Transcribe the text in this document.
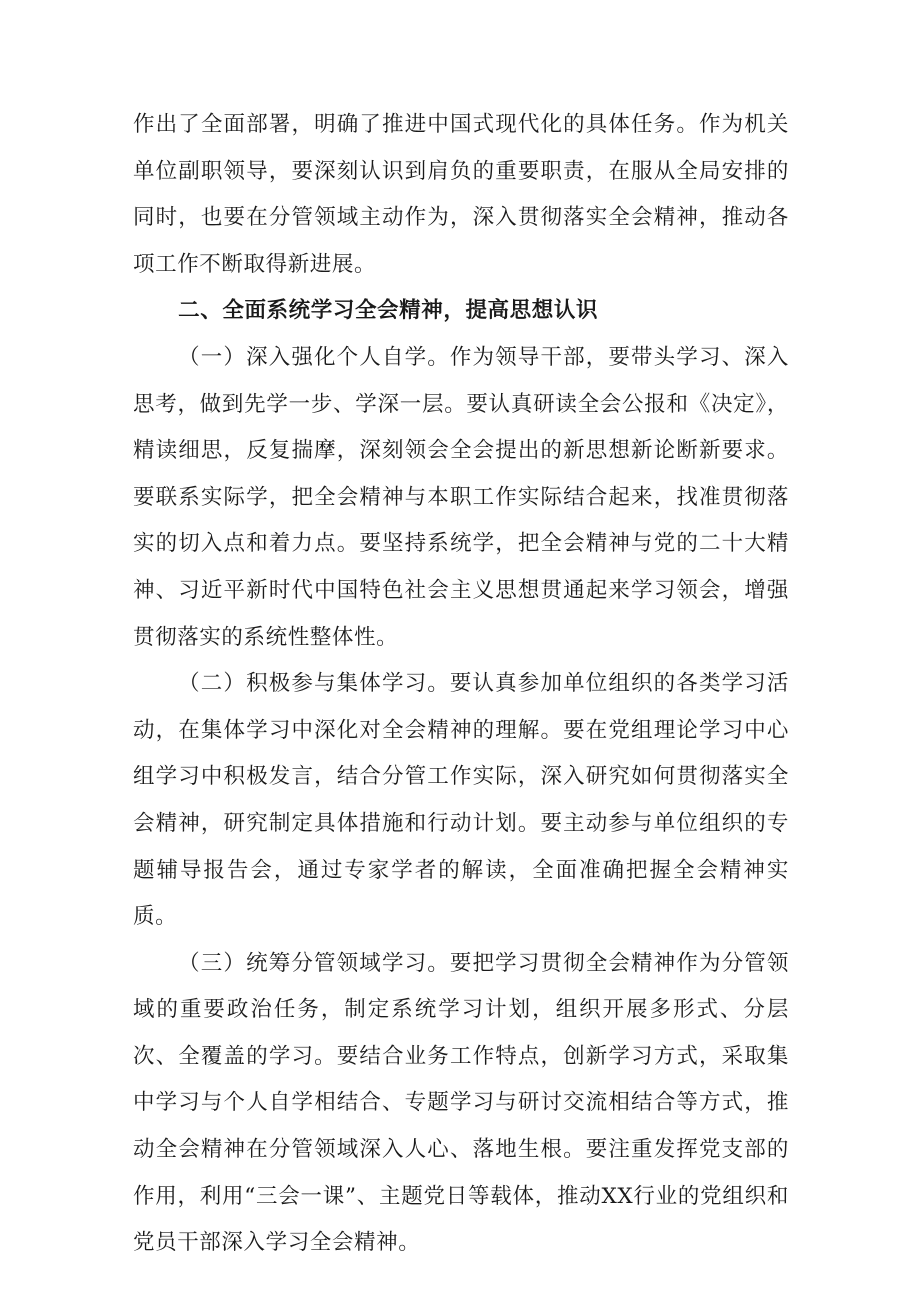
作出了全面部署，明确了推进中国式现代化的具体任务。作为机关单位副职领导，要深刻认识到肩负的重要职责，在服从全局安排的同时，也要在分管领域主动作为，深入贯彻落实全会精神，推动各项工作不断取得新进展。

二、全面系统学习全会精神，提高思想认识

（一）深入强化个人自学。作为领导干部，要带头学习、深入思考，做到先学一步、学深一层。要认真研读全会公报和《决定》，精读细思，反复揣摩，深刻领会全会提出的新思想新论断新要求。要联系实际学，把全会精神与本职工作实际结合起来，找准贯彻落实的切入点和着力点。要坚持系统学，把全会精神与党的二十大精神、习近平新时代中国特色社会主义思想贯通起来学习领会，增强贯彻落实的系统性整体性。

（二）积极参与集体学习。要认真参加单位组织的各类学习活动，在集体学习中深化对全会精神的理解。要在党组理论学习中心组学习中积极发言，结合分管工作实际，深入研究如何贯彻落实全会精神，研究制定具体措施和行动计划。要主动参与单位组织的专题辅导报告会，通过专家学者的解读，全面准确把握全会精神实质。

（三）统筹分管领域学习。要把学习贯彻全会精神作为分管领域的重要政治任务，制定系统学习计划，组织开展多形式、分层次、全覆盖的学习。要结合业务工作特点，创新学习方式，采取集中学习与个人自学相结合、专题学习与研讨交流相结合等方式，推动全会精神在分管领域深入人心、落地生根。要注重发挥党支部的作用，利用“三会一课”、主题党日等载体，推动XX行业的党组织和党员干部深入学习全会精神。
